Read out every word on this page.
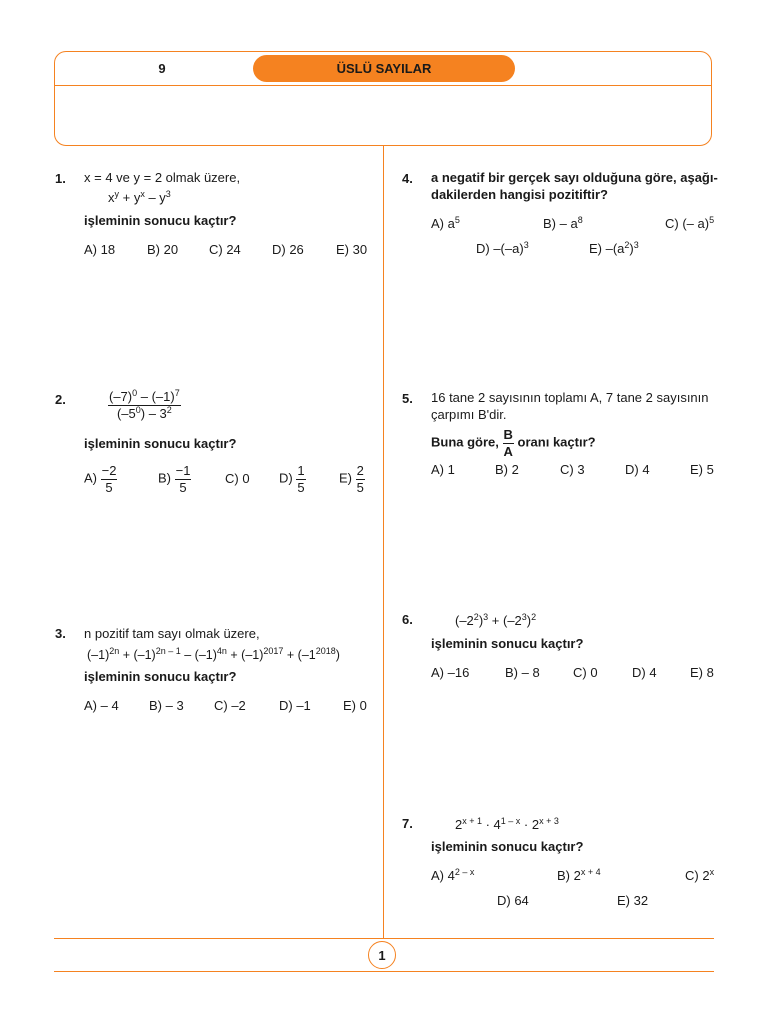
9	ÜSLÜ SAYILAR
1. x = 4 ve y = 2 olmak üzere,
$x^y + y^x - y^3$
işleminin sonucu kaçtır?
A) 18 B) 20 C) 24 D) 26 E) 30
2.	$\frac{(-7)^0 - (-1)^7}{(-5^0) - 3^2}$
işleminin sonucu kaçtır?
$A) \frac{-2}{5}$	$B) \frac{-1}{5}$	C) 0 $D) \frac{1}{5}$	$E) \frac{2}{5}$
3. n pozitif tam sayı olmak üzere,
$(-1)^{2n} + (-1)^{2n - 1} - (-1)^{4n} + (-1)^{2017} + (-1^{2018})$
işleminin sonucu kaçtır?
A) – 4 B) – 3 C) –2	D) –1 E) 0
4. a negatif bir gerçek sayı olduğuna göre, aşağı-
dakilerden hangisi pozitiftir?
A) $a^5$	$B) - a^8$	C) (– a)$^5$
D) $-(-a)^3$	E) $-(a^2)^3$
5. 16 tane 2 sayısının toplamı A, 7 tane 2 sayısının
çarpımı B'dir.
Buna göre, $\frac{B}{A}$ oranı kaçtır?
A) 1	B) 2	C) 3	D) 4	E) 5
6.	$(-2^2)^3 + (-2^3)^2$
işleminin sonucu kaçtır?
A) –16	B) – 8	C) 0	D) 4	E) 8
7.	$2^{x + 1} \cdot 4^{1 - x} \cdot 2^{x + 3}$
işleminin sonucu kaçtır?
A) 4$^{2 - x}$	B) $2^{x + 4}$	C) 2$^x$
D) 64	E) 32
1
